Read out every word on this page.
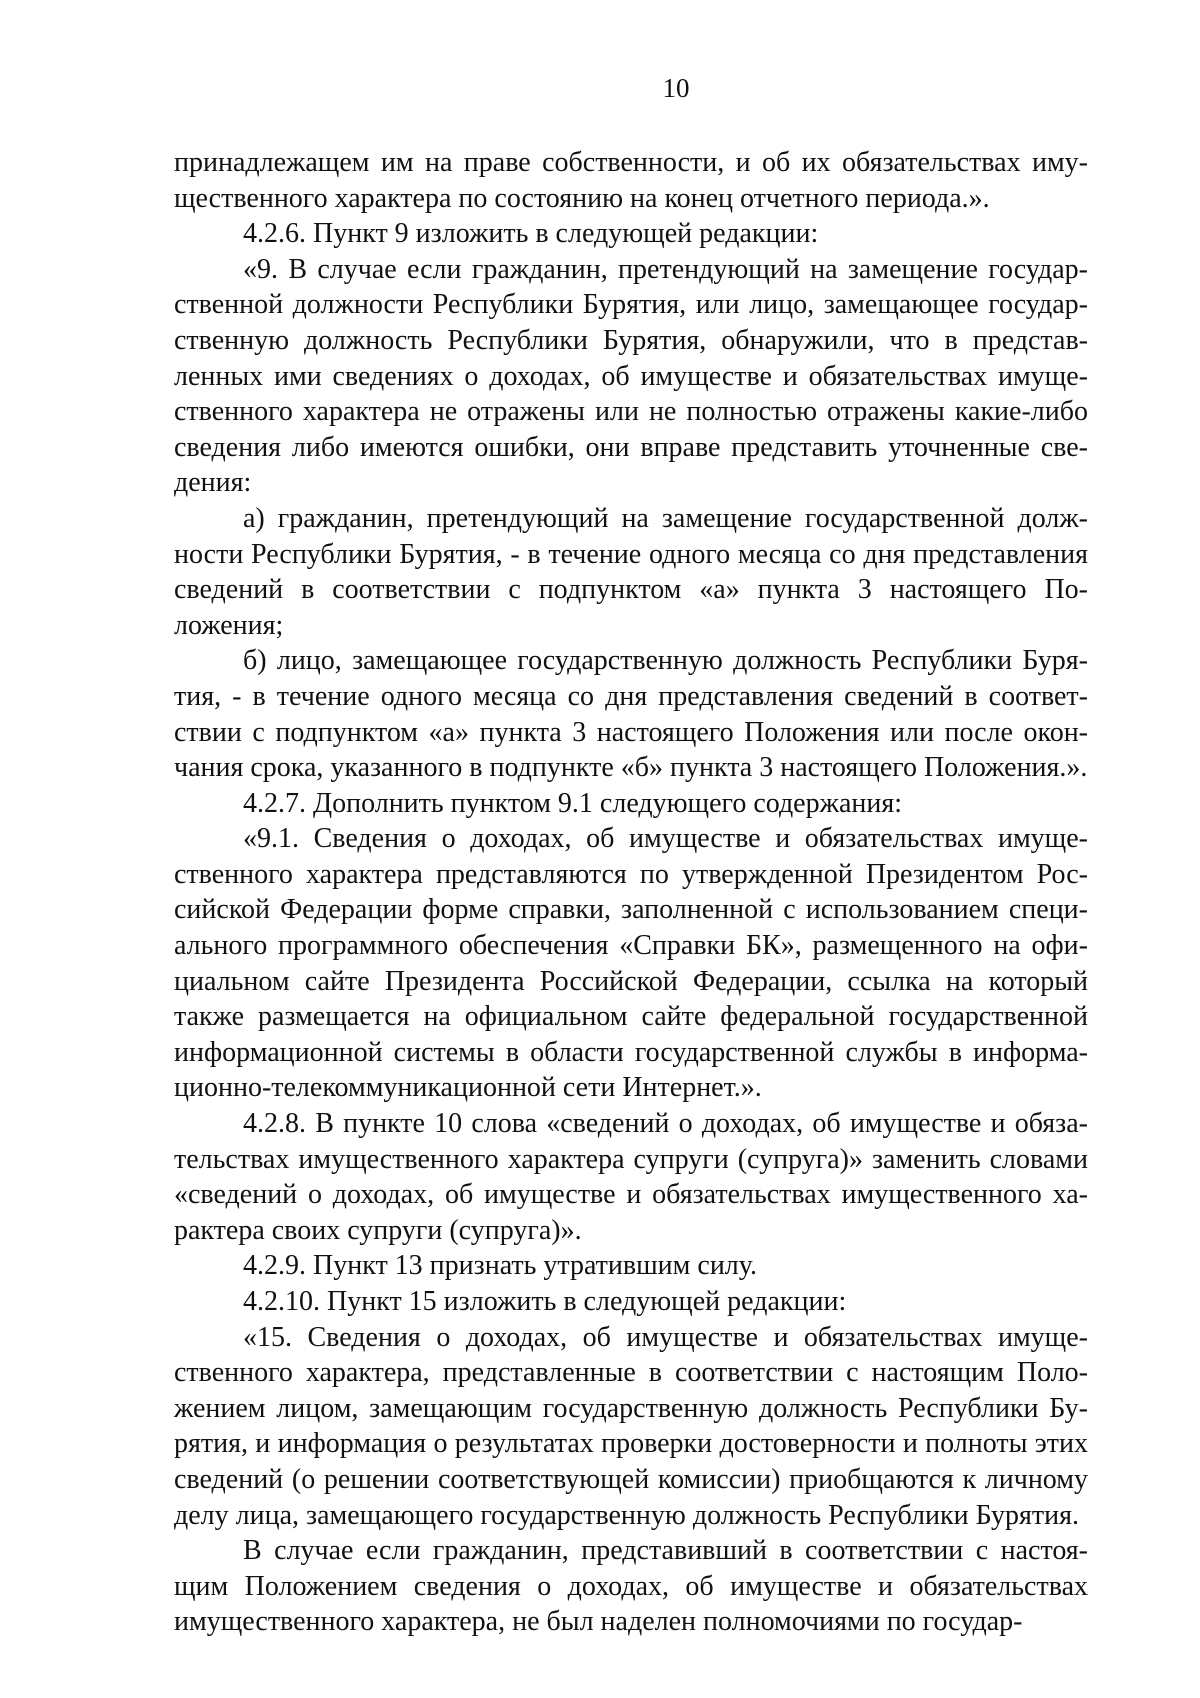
10

принадлежащем им на праве собственности, и об их обязательствах имущественного характера по состоянию на конец отчетного периода.».

4.2.6. Пункт 9 изложить в следующей редакции:

«9. В случае если гражданин, претендующий на замещение государственной должности Республики Бурятия, или лицо, замещающее государственную должность Республики Бурятия, обнаружили, что в представленных ими сведениях о доходах, об имуществе и обязательствах имущественного характера не отражены или не полностью отражены какие-либо сведения либо имеются ошибки, они вправе представить уточненные сведения:

а) гражданин, претендующий на замещение государственной должности Республики Бурятия, - в течение одного месяца со дня представления сведений в соответствии с подпунктом «а» пункта 3 настоящего Положения;

б) лицо, замещающее государственную должность Республики Бурятия, - в течение одного месяца со дня представления сведений в соответствии с подпунктом «а» пункта 3 настоящего Положения или после окончания срока, указанного в подпункте «б» пункта 3 настоящего Положения.».

4.2.7. Дополнить пунктом 9.1 следующего содержания:

«9.1. Сведения о доходах, об имуществе и обязательствах имущественного характера представляются по утвержденной Президентом Российской Федерации форме справки, заполненной с использованием специального программного обеспечения «Справки БК», размещенного на официальном сайте Президента Российской Федерации, ссылка на который также размещается на официальном сайте федеральной государственной информационной системы в области государственной службы в информационно-телекоммуникационной сети Интернет.».

4.2.8. В пункте 10 слова «сведений о доходах, об имуществе и обязательствах имущественного характера супруги (супруга)» заменить словами «сведений о доходах, об имуществе и обязательствах имущественного характера своих супруги (супруга)».

4.2.9. Пункт 13 признать утратившим силу.

4.2.10. Пункт 15 изложить в следующей редакции:

«15. Сведения о доходах, об имуществе и обязательствах имущественного характера, представленные в соответствии с настоящим Положением лицом, замещающим государственную должность Республики Бурятия, и информация о результатах проверки достоверности и полноты этих сведений (о решении соответствующей комиссии) приобщаются к личному делу лица, замещающего государственную должность Республики Бурятия.

В случае если гражданин, представивший в соответствии с настоящим Положением сведения о доходах, об имуществе и обязательствах имущественного характера, не был наделен полномочиями по государ-
